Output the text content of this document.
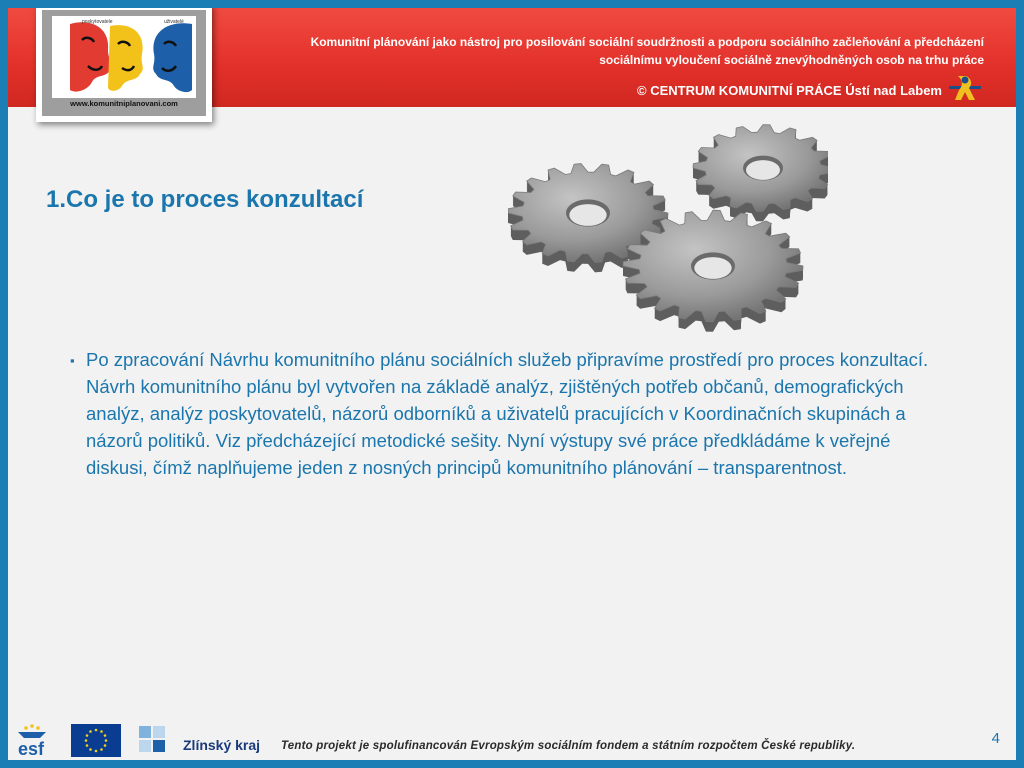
Komunitní plánování jako nástroj pro posilování sociální soudržnosti a podporu sociálního začleňování a předcházení
sociálnímu vyloučení sociálně znevýhodněných osob na trhu práce
© CENTRUM KOMUNITNÍ PRÁCE Ústí nad Labem
poskytovatele	uživatelé
www.komunitniplanovani.com
1.Co je to proces konzultací
▪ Po zpracování Návrhu komunitního plánu sociálních služeb připravíme prostředí pro proces konzultací. Návrh komunitního plánu byl vytvořen na základě analýz, zjištěných potřeb občanů, demografických analýz, analýz poskytovatelů, názorů odborníků a uživatelů pracujících v Koordinačních skupinách a názorů politiků. Viz předcházející metodické sešity. Nyní výstupy své práce předkládáme k veřejné diskusi, čímž naplňujeme jeden z nosných principů komunitního plánování – transparentnost.
4
esf	Zlínský kraj Tento projekt je spolufinancován Evropským sociálním fondem a státním rozpočtem České republiky.
